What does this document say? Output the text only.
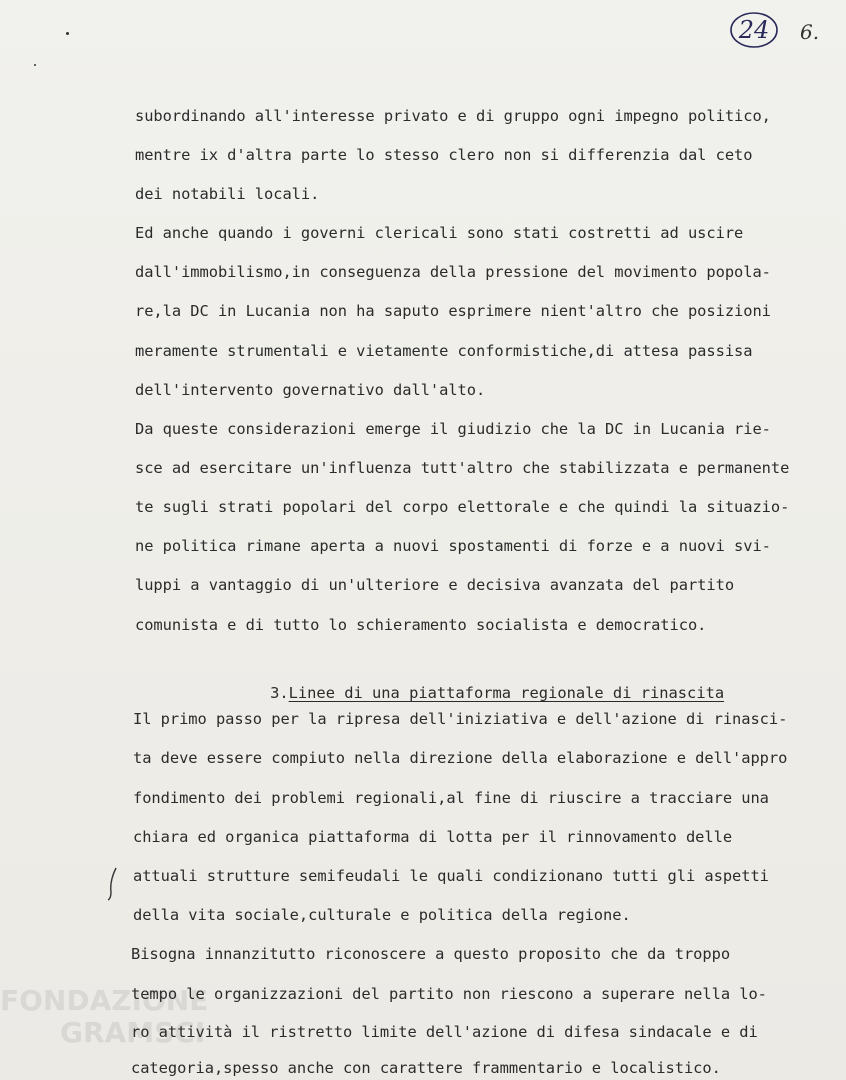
FONDAZIONE
GRAMSCI
24 6.
subordinando all'interesse privato e di gruppo ogni impegno politico,
mentre ix d'altra parte lo stesso clero non si differenzia dal ceto
dei notabili locali.
Ed anche quando i governi clericali sono stati costretti ad uscire
dall'immobilismo,in conseguenza della pressione del movimento popola-
re,la DC in Lucania non ha saputo esprimere nient'altro che posizioni
meramente strumentali e vietamente conformistiche,di attesa passisa
dell'intervento governativo dall'alto.
Da queste considerazioni emerge il giudizio che la DC in Lucania rie-
sce ad esercitare un'influenza tutt'altro che stabilizzata e permanente
te sugli strati popolari del corpo elettorale e che quindi la situazio-
ne politica rimane aperta a nuovi spostamenti di forze e a nuovi svi-
luppi a vantaggio di un'ulteriore e decisiva avanzata del partito
comunista e di tutto lo schieramento socialista e democratico.

3.Linee di una piattaforma regionale di rinascita

Il primo passo per la ripresa dell'iniziativa e dell'azione di rinasci-
ta deve essere compiuto nella direzione della elaborazione e dell'appro
fondimento dei problemi regionali,al fine di riuscire a tracciare una
chiara ed organica piattaforma di lotta per il rinnovamento delle
attuali strutture semifeudali le quali condizionano tutti gli aspetti
della vita sociale,culturale e politica della regione.
Bisogna innanzitutto riconoscere a questo proposito che da troppo
tempo le organizzazioni del partito non riescono a superare nella lo-
ro attività il ristretto limite dell'azione di difesa sindacale e di
categoria,spesso anche con carattere frammentario e localistico.
